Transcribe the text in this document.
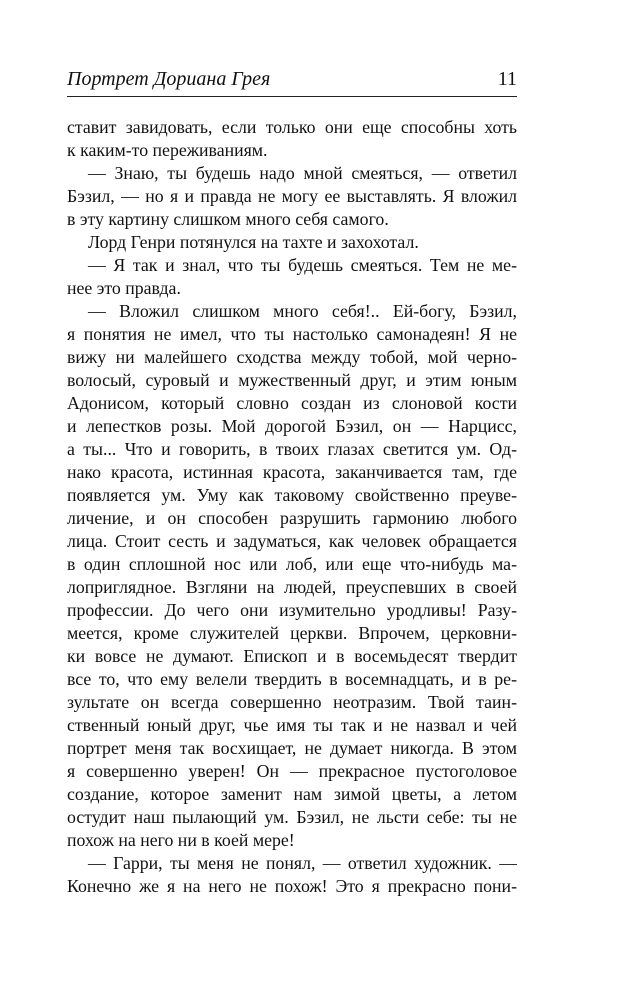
Портрет Дориана Грея	11
ставит завидовать, если только они еще способны хоть
к каким-то переживаниям.
— Знаю, ты будешь надо мной смеяться, — ответил
Бэзил, — но я и правда не могу ее выставлять. Я вложил
в эту картину слишком много себя самого.
Лорд Генри потянулся на тахте и захохотал.
— Я так и знал, что ты будешь смеяться. Тем не ме-
нее это правда.
— Вложил слишком много себя!.. Ей-богу, Бэзил,
я понятия не имел, что ты настолько самонадеян! Я не
вижу ни малейшего сходства между тобой, мой черно-
волосый, суровый и мужественный друг, и этим юным
Адонисом, который словно создан из слоновой кости
и лепестков розы. Мой дорогой Бэзил, он — Нарцисс,
а ты... Что и говорить, в твоих глазах светится ум. Од-
нако красота, истинная красота, заканчивается там, где
появляется ум. Уму как таковому свойственно преуве-
личение, и он способен разрушить гармонию любого
лица. Стоит сесть и задуматься, как человек обращается
в один сплошной нос или лоб, или еще что-нибудь ма-
лоприглядное. Взгляни на людей, преуспевших в своей
профессии. До чего они изумительно уродливы! Разу-
меется, кроме служителей церкви. Впрочем, церковни-
ки вовсе не думают. Епископ и в восемьдесят твердит
все то, что ему велели твердить в восемнадцать, и в ре-
зультате он всегда совершенно неотразим. Твой таин-
ственный юный друг, чье имя ты так и не назвал и чей
портрет меня так восхищает, не думает никогда. В этом
я совершенно уверен! Он — прекрасное пустоголовое
создание, которое заменит нам зимой цветы, а летом
остудит наш пылающий ум. Бэзил, не льсти себе: ты не
похож на него ни в коей мере!
— Гарри, ты меня не понял, — ответил художник. —
Конечно же я на него не похож! Это я прекрасно пони-
